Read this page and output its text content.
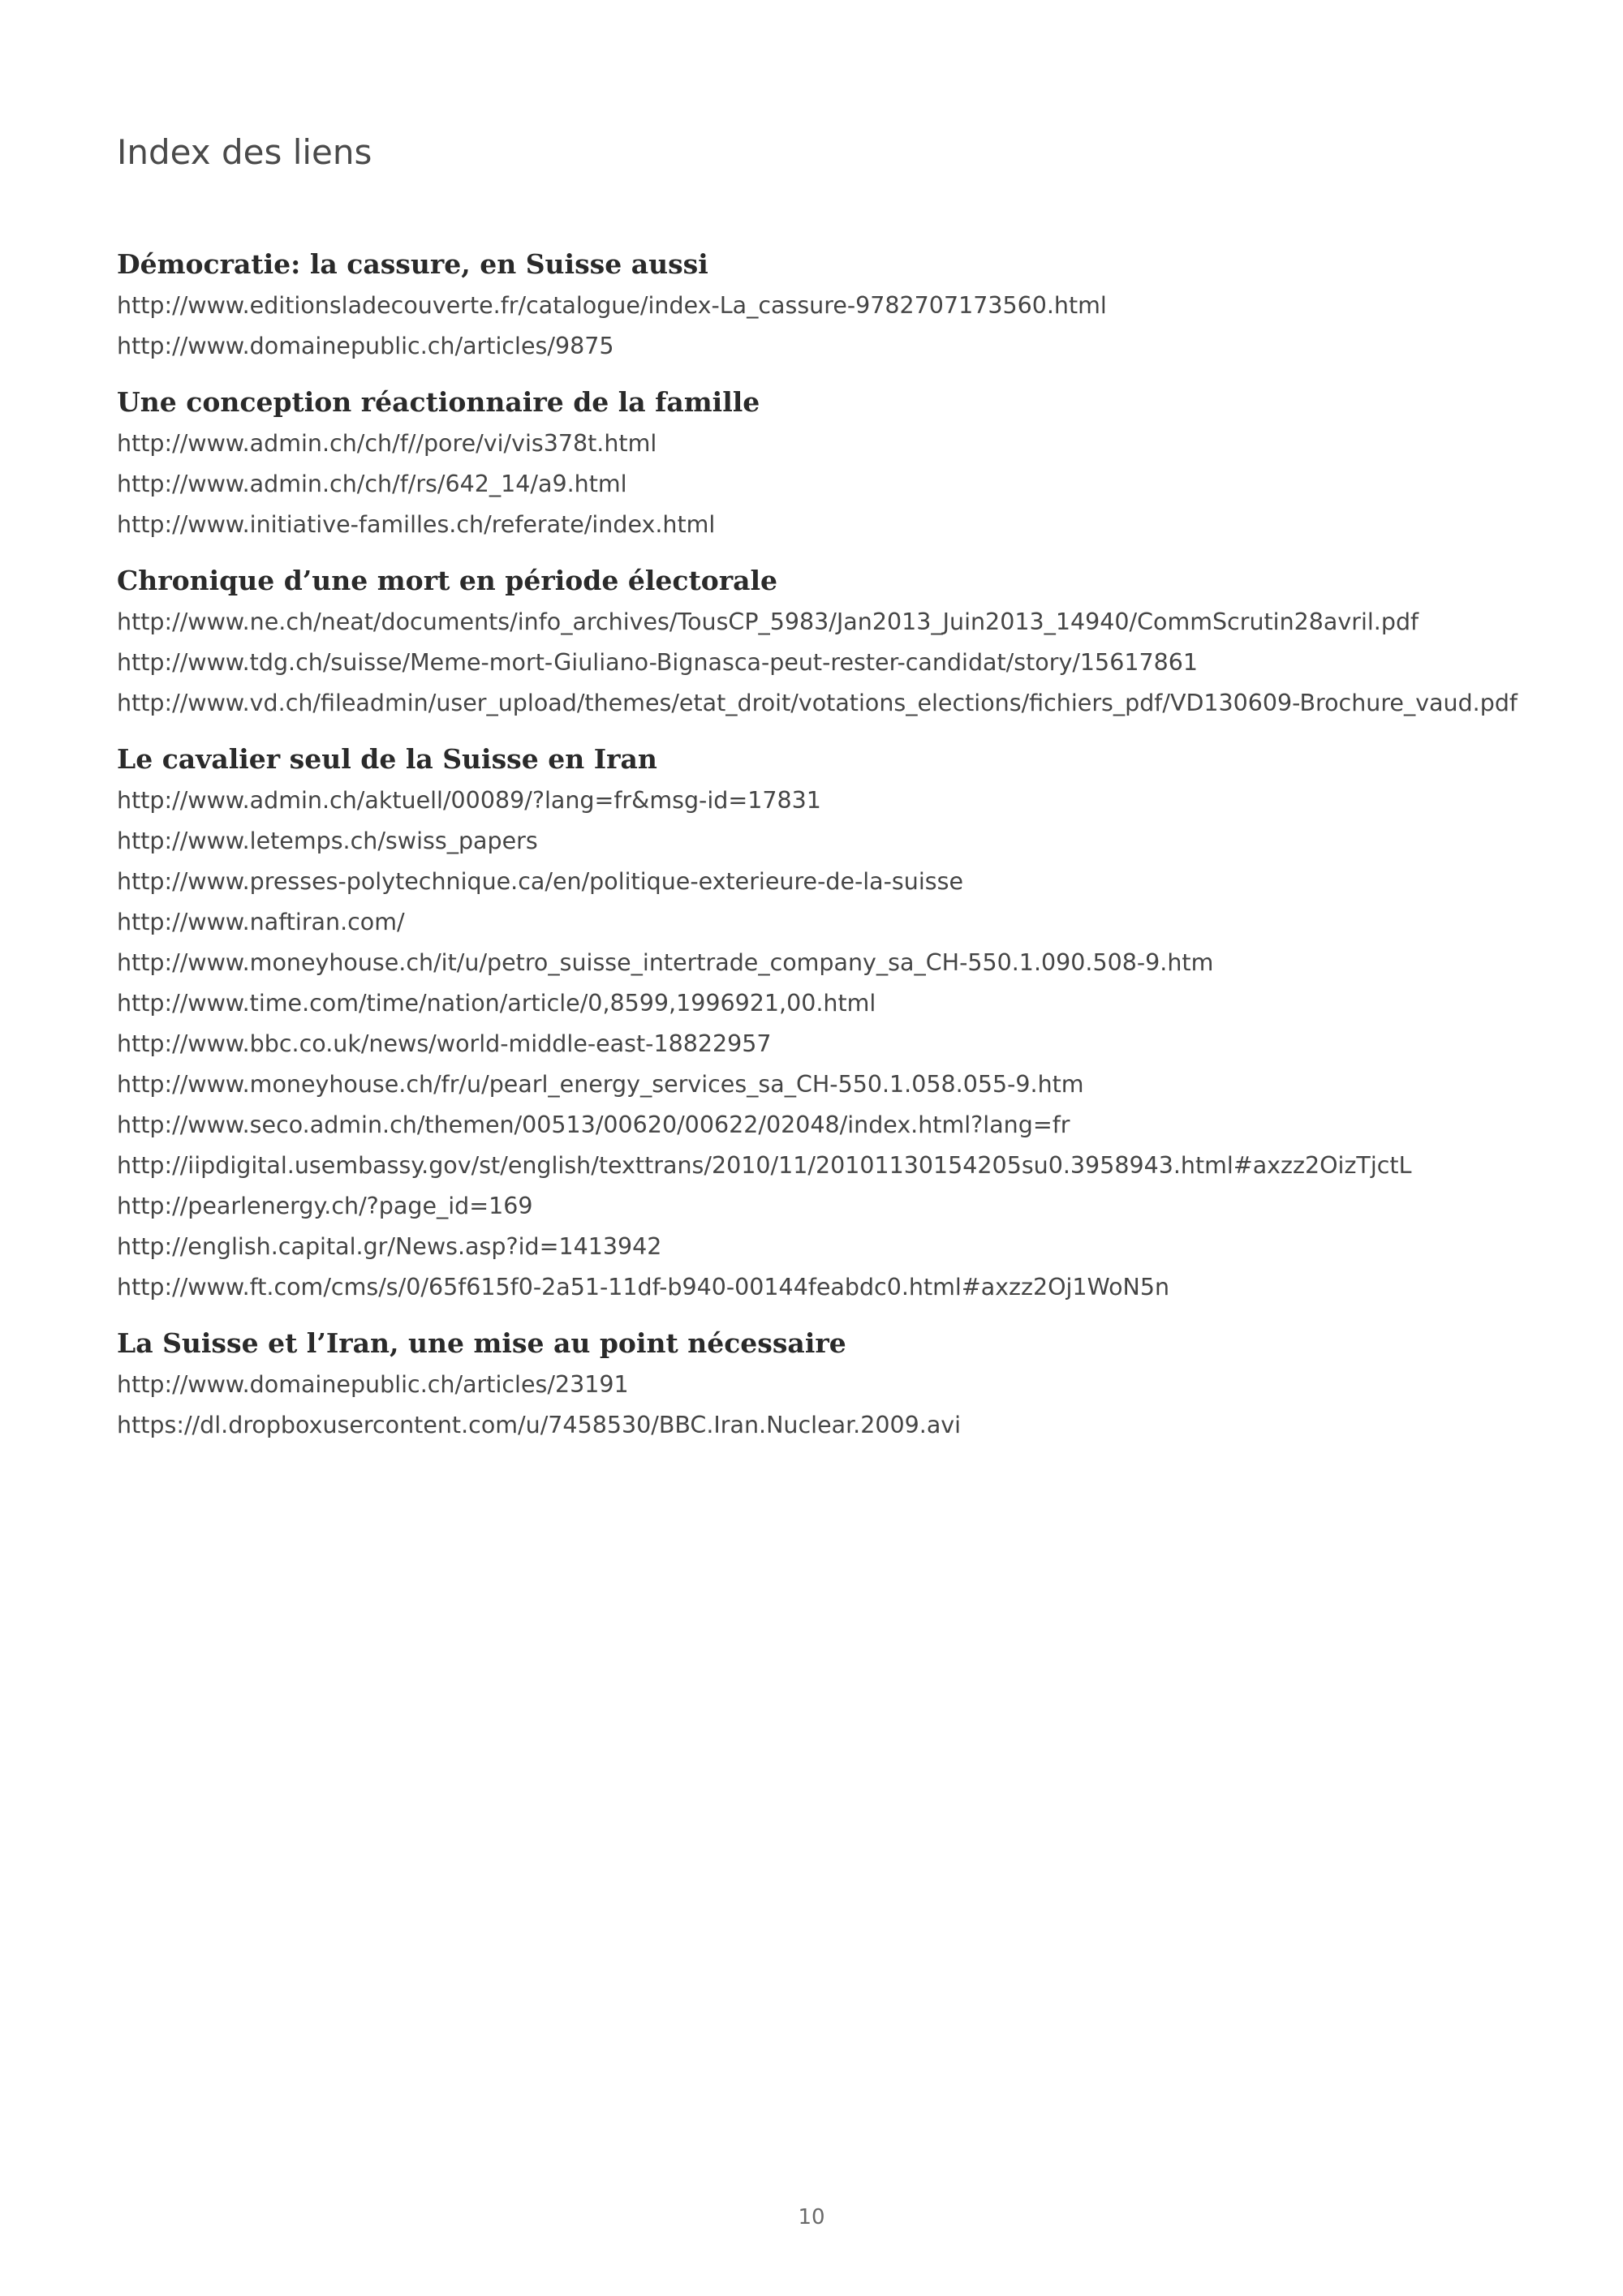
Index des liens
Démocratie: la cassure, en Suisse aussi
http://www.editionsladecouverte.fr/catalogue/index-La_cassure-9782707173560.html
http://www.domainepublic.ch/articles/9875
Une conception réactionnaire de la famille
http://www.admin.ch/ch/f//pore/vi/vis378t.html
http://www.admin.ch/ch/f/rs/642_14/a9.html
http://www.initiative-familles.ch/referate/index.html
Chronique d’une mort en période électorale
http://www.ne.ch/neat/documents/info_archives/TousCP_5983/Jan2013_Juin2013_14940/CommScrutin28avril.pdf
http://www.tdg.ch/suisse/Meme-mort-Giuliano-Bignasca-peut-rester-candidat/story/15617861
http://www.vd.ch/fileadmin/user_upload/themes/etat_droit/votations_elections/fichiers_pdf/VD130609-Brochure_vaud.pdf
Le cavalier seul de la Suisse en Iran
http://www.admin.ch/aktuell/00089/?lang=fr&msg-id=17831
http://www.letemps.ch/swiss_papers
http://www.presses-polytechnique.ca/en/politique-exterieure-de-la-suisse
http://www.naftiran.com/
http://www.moneyhouse.ch/it/u/petro_suisse_intertrade_company_sa_CH-550.1.090.508-9.htm
http://www.time.com/time/nation/article/0,8599,1996921,00.html
http://www.bbc.co.uk/news/world-middle-east-18822957
http://www.moneyhouse.ch/fr/u/pearl_energy_services_sa_CH-550.1.058.055-9.htm
http://www.seco.admin.ch/themen/00513/00620/00622/02048/index.html?lang=fr
http://iipdigital.usembassy.gov/st/english/texttrans/2010/11/20101130154205su0.3958943.html#axzz2OizTjctL
http://pearlenergy.ch/?page_id=169
http://english.capital.gr/News.asp?id=1413942
http://www.ft.com/cms/s/0/65f615f0-2a51-11df-b940-00144feabdc0.html#axzz2Oj1WoN5n
La Suisse et l’Iran, une mise au point nécessaire
http://www.domainepublic.ch/articles/23191
https://dl.dropboxusercontent.com/u/7458530/BBC.Iran.Nuclear.2009.avi
10
